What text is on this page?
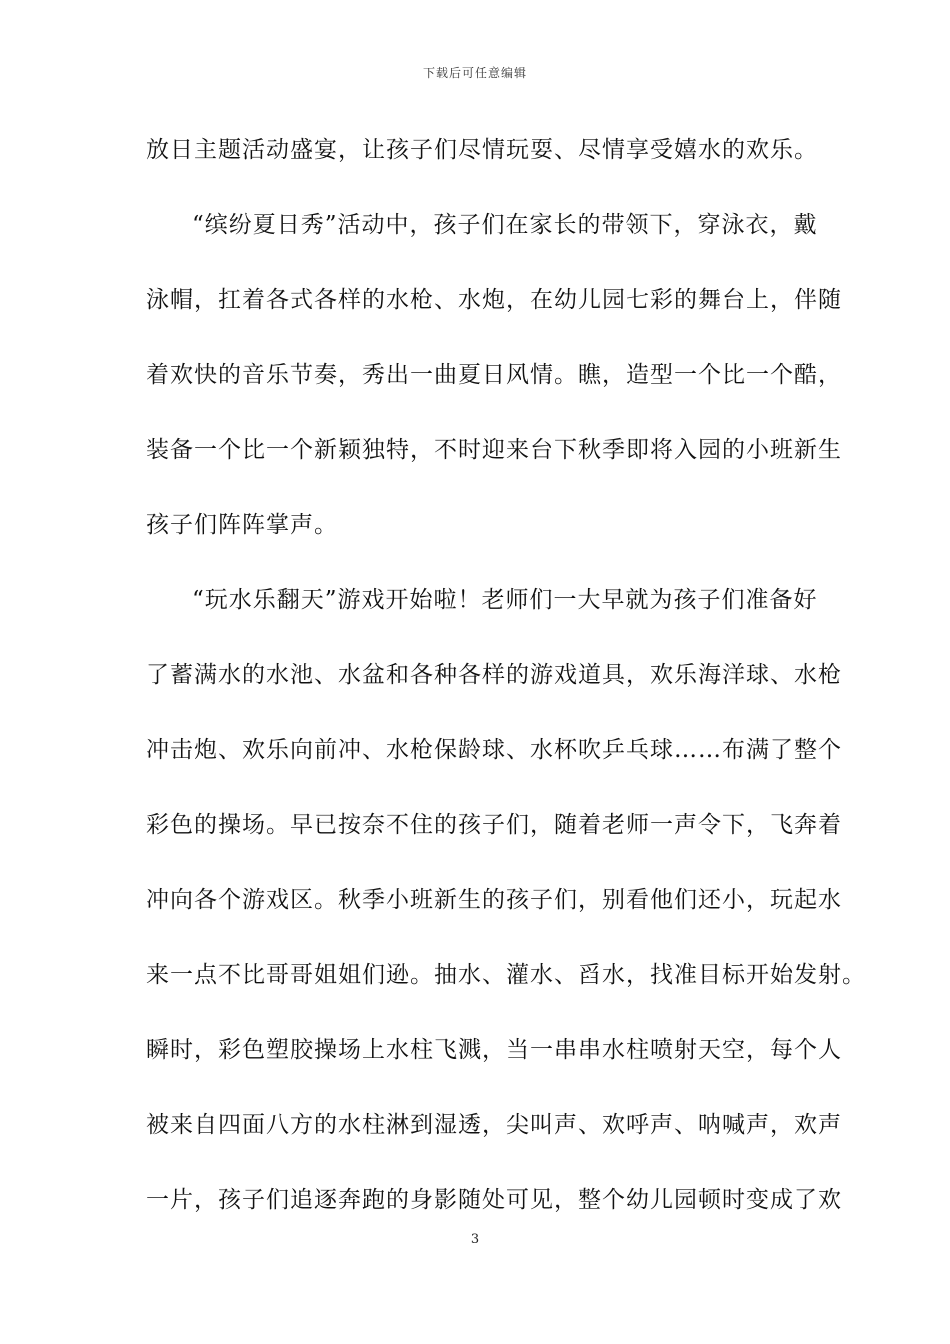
下载后可任意编辑
放日主题活动盛宴，让孩子们尽情玩耍、尽情享受嬉水的欢乐。
“缤纷夏日秀”活动中，孩子们在家长的带领下，穿泳衣，戴
泳帽，扛着各式各样的水枪、水炮，在幼儿园七彩的舞台上，伴随
着欢快的音乐节奏，秀出一曲夏日风情。瞧，造型一个比一个酷，
装备一个比一个新颖独特，不时迎来台下秋季即将入园的小班新生
孩子们阵阵掌声。
“玩水乐翻天”游戏开始啦！老师们一大早就为孩子们准备好
了蓄满水的水池、水盆和各种各样的游戏道具，欢乐海洋球、水枪
冲击炮、欢乐向前冲、水枪保龄球、水杯吹乒乓球……布满了整个
彩色的操场。早已按奈不住的孩子们，随着老师一声令下，飞奔着
冲向各个游戏区。秋季小班新生的孩子们，别看他们还小，玩起水
来一点不比哥哥姐姐们逊。抽水、灌水、舀水，找准目标开始发射。
瞬时，彩色塑胶操场上水柱飞溅，当一串串水柱喷射天空，每个人
被来自四面八方的水柱淋到湿透，尖叫声、欢呼声、呐喊声，欢声
一片，孩子们追逐奔跑的身影随处可见，整个幼儿园顿时变成了欢
3
